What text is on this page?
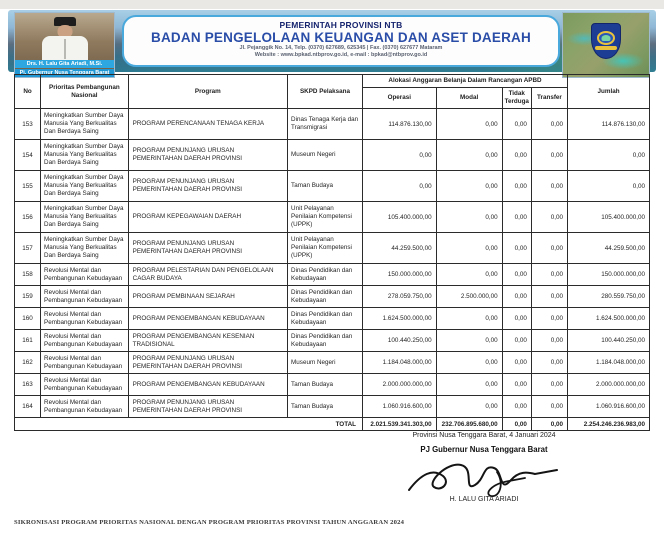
Drs. H. Lalu Gita Ariadi, M.Si.
Pj. Gubernur Nusa Tenggara Barat
PEMERINTAH PROVINSI NTB
BADAN PENGELOLAAN KEUANGAN DAN ASET DAERAH
Jl. Pejanggik No. 14, Telp. (0370) 627689, 625345 | Fax. (0370) 627677 Mataram
Website : www.bpkad.ntbprov.go.id, e-mail : bpkad@ntbprov.go.id
No	Prioritas Pembangunan Nasional	Program	SKPD Pelaksana	Alokasi Anggaran Belanja Dalam Rancangan APBD				Jumlah
				Operasi	Modal	Tidak Terduga	Transfer	
153	Meningkatkan Sumber Daya Manusia Yang Berkualitas Dan Berdaya Saing	PROGRAM PERENCANAAN TENAGA KERJA	Dinas Tenaga Kerja dan Transmigrasi	114.876.130,00	0,00	0,00	0,00	114.876.130,00
154	Meningkatkan Sumber Daya Manusia Yang Berkualitas Dan Berdaya Saing	PROGRAM PENUNJANG URUSAN PEMERINTAHAN DAERAH PROVINSI	Museum Negeri	0,00	0,00	0,00	0,00	0,00
155	Meningkatkan Sumber Daya Manusia Yang Berkualitas Dan Berdaya Saing	PROGRAM PENUNJANG URUSAN PEMERINTAHAN DAERAH PROVINSI	Taman Budaya	0,00	0,00	0,00	0,00	0,00
156	Meningkatkan Sumber Daya Manusia Yang Berkualitas Dan Berdaya Saing	PROGRAM KEPEGAWAIAN DAERAH	Unit Pelayanan Penilaian Kompetensi (UPPK)	105.400.000,00	0,00	0,00	0,00	105.400.000,00
157	Meningkatkan Sumber Daya Manusia Yang Berkualitas Dan Berdaya Saing	PROGRAM PENUNJANG URUSAN PEMERINTAHAN DAERAH PROVINSI	Unit Pelayanan Penilaian Kompetensi (UPPK)	44.259.500,00	0,00	0,00	0,00	44.259.500,00
158	Revolusi Mental dan Pembangunan Kebudayaan	PROGRAM PELESTARIAN DAN PENGELOLAAN CAGAR BUDAYA	Dinas Pendidikan dan Kebudayaan	150.000.000,00	0,00	0,00	0,00	150.000.000,00
159	Revolusi Mental dan Pembangunan Kebudayaan	PROGRAM PEMBINAAN SEJARAH	Dinas Pendidikan dan Kebudayaan	278.059.750,00	2.500.000,00	0,00	0,00	280.559.750,00
160	Revolusi Mental dan Pembangunan Kebudayaan	PROGRAM PENGEMBANGAN KEBUDAYAAN	Dinas Pendidikan dan Kebudayaan	1.624.500.000,00	0,00	0,00	0,00	1.624.500.000,00
161	Revolusi Mental dan Pembangunan Kebudayaan	PROGRAM PENGEMBANGAN KESENIAN TRADISIONAL	Dinas Pendidikan dan Kebudayaan	100.440.250,00	0,00	0,00	0,00	100.440.250,00
162	Revolusi Mental dan Pembangunan Kebudayaan	PROGRAM PENUNJANG URUSAN PEMERINTAHAN DAERAH PROVINSI	Museum Negeri	1.184.048.000,00	0,00	0,00	0,00	1.184.048.000,00
163	Revolusi Mental dan Pembangunan Kebudayaan	PROGRAM PENGEMBANGAN KEBUDAYAAN	Taman Budaya	2.000.000.000,00	0,00	0,00	0,00	2.000.000.000,00
164	Revolusi Mental dan Pembangunan Kebudayaan	PROGRAM PENUNJANG URUSAN PEMERINTAHAN DAERAH PROVINSI	Taman Budaya	1.060.916.600,00	0,00	0,00	0,00	1.060.916.600,00
TOTAL				2.021.539.341.303,00	232.706.895.680,00	0,00	0,00	2.254.246.236.983,00
Provinsi Nusa Tenggara Barat, 4 Januari 2024
PJ Gubernur Nusa Tenggara Barat
H. LALU GITA ARIADI
SIKRONISASI PROGRAM PRIORITAS NASIONAL DENGAN PROGRAM PRIORITAS PROVINSI TAHUN ANGGARAN 2024
